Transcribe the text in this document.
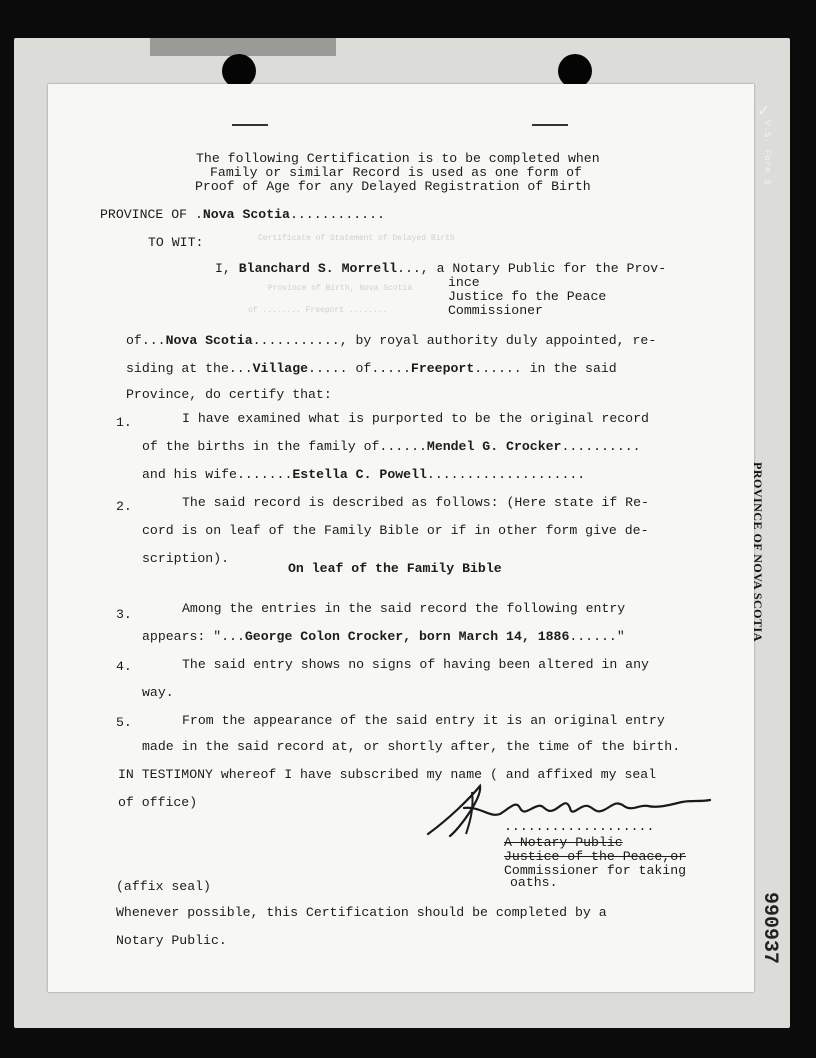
✓
V.S. Form 3
Certificate of Statement of Delayed Birth
Province of Birth, Nova Scotia
of ........ Freeport ........
The following Certification is to be completed when
Family or similar Record is used as one form of
Proof of Age for any Delayed Registration of Birth
PROVINCE OF .Nova Scotia............
TO WIT:
I, Blanchard S. Morrell..., a Notary Public for the Prov-
ince
Justice fo the Peace
Commissioner
of...Nova Scotia..........., by royal authority duly appointed, re-
siding at the...Village..... of.....Freeport...... in the said
Province, do certify that:
1.	I have examined what is purported to be the original record
of the births in the family of......Mendel G. Crocker..........
and his wife.......Estella C. Powell....................
2.	The said record is described as follows: (Here state if Re-
cord is on leaf of the Family Bible or if in other form give de-
scription).
On leaf of the Family Bible
3.	Among the entries in the said record the following entry
appears: "...George Colon Crocker, born March 14, 1886......"
4.	The said entry shows no signs of having been altered in any
way.
5.	From the appearance of the said entry it is an original entry
made in the said record at, or shortly after, the time of the birth.
IN TESTIMONY whereof I have subscribed my name ( and affixed my seal
of office)
...................
A Notary Public
Justice of the Peace,or
Commissioner for taking
oaths.
(affix seal)
Whenever possible, this Certification should be completed by a
Notary Public.
PROVINCE OF NOVA SCOTIA
990937
